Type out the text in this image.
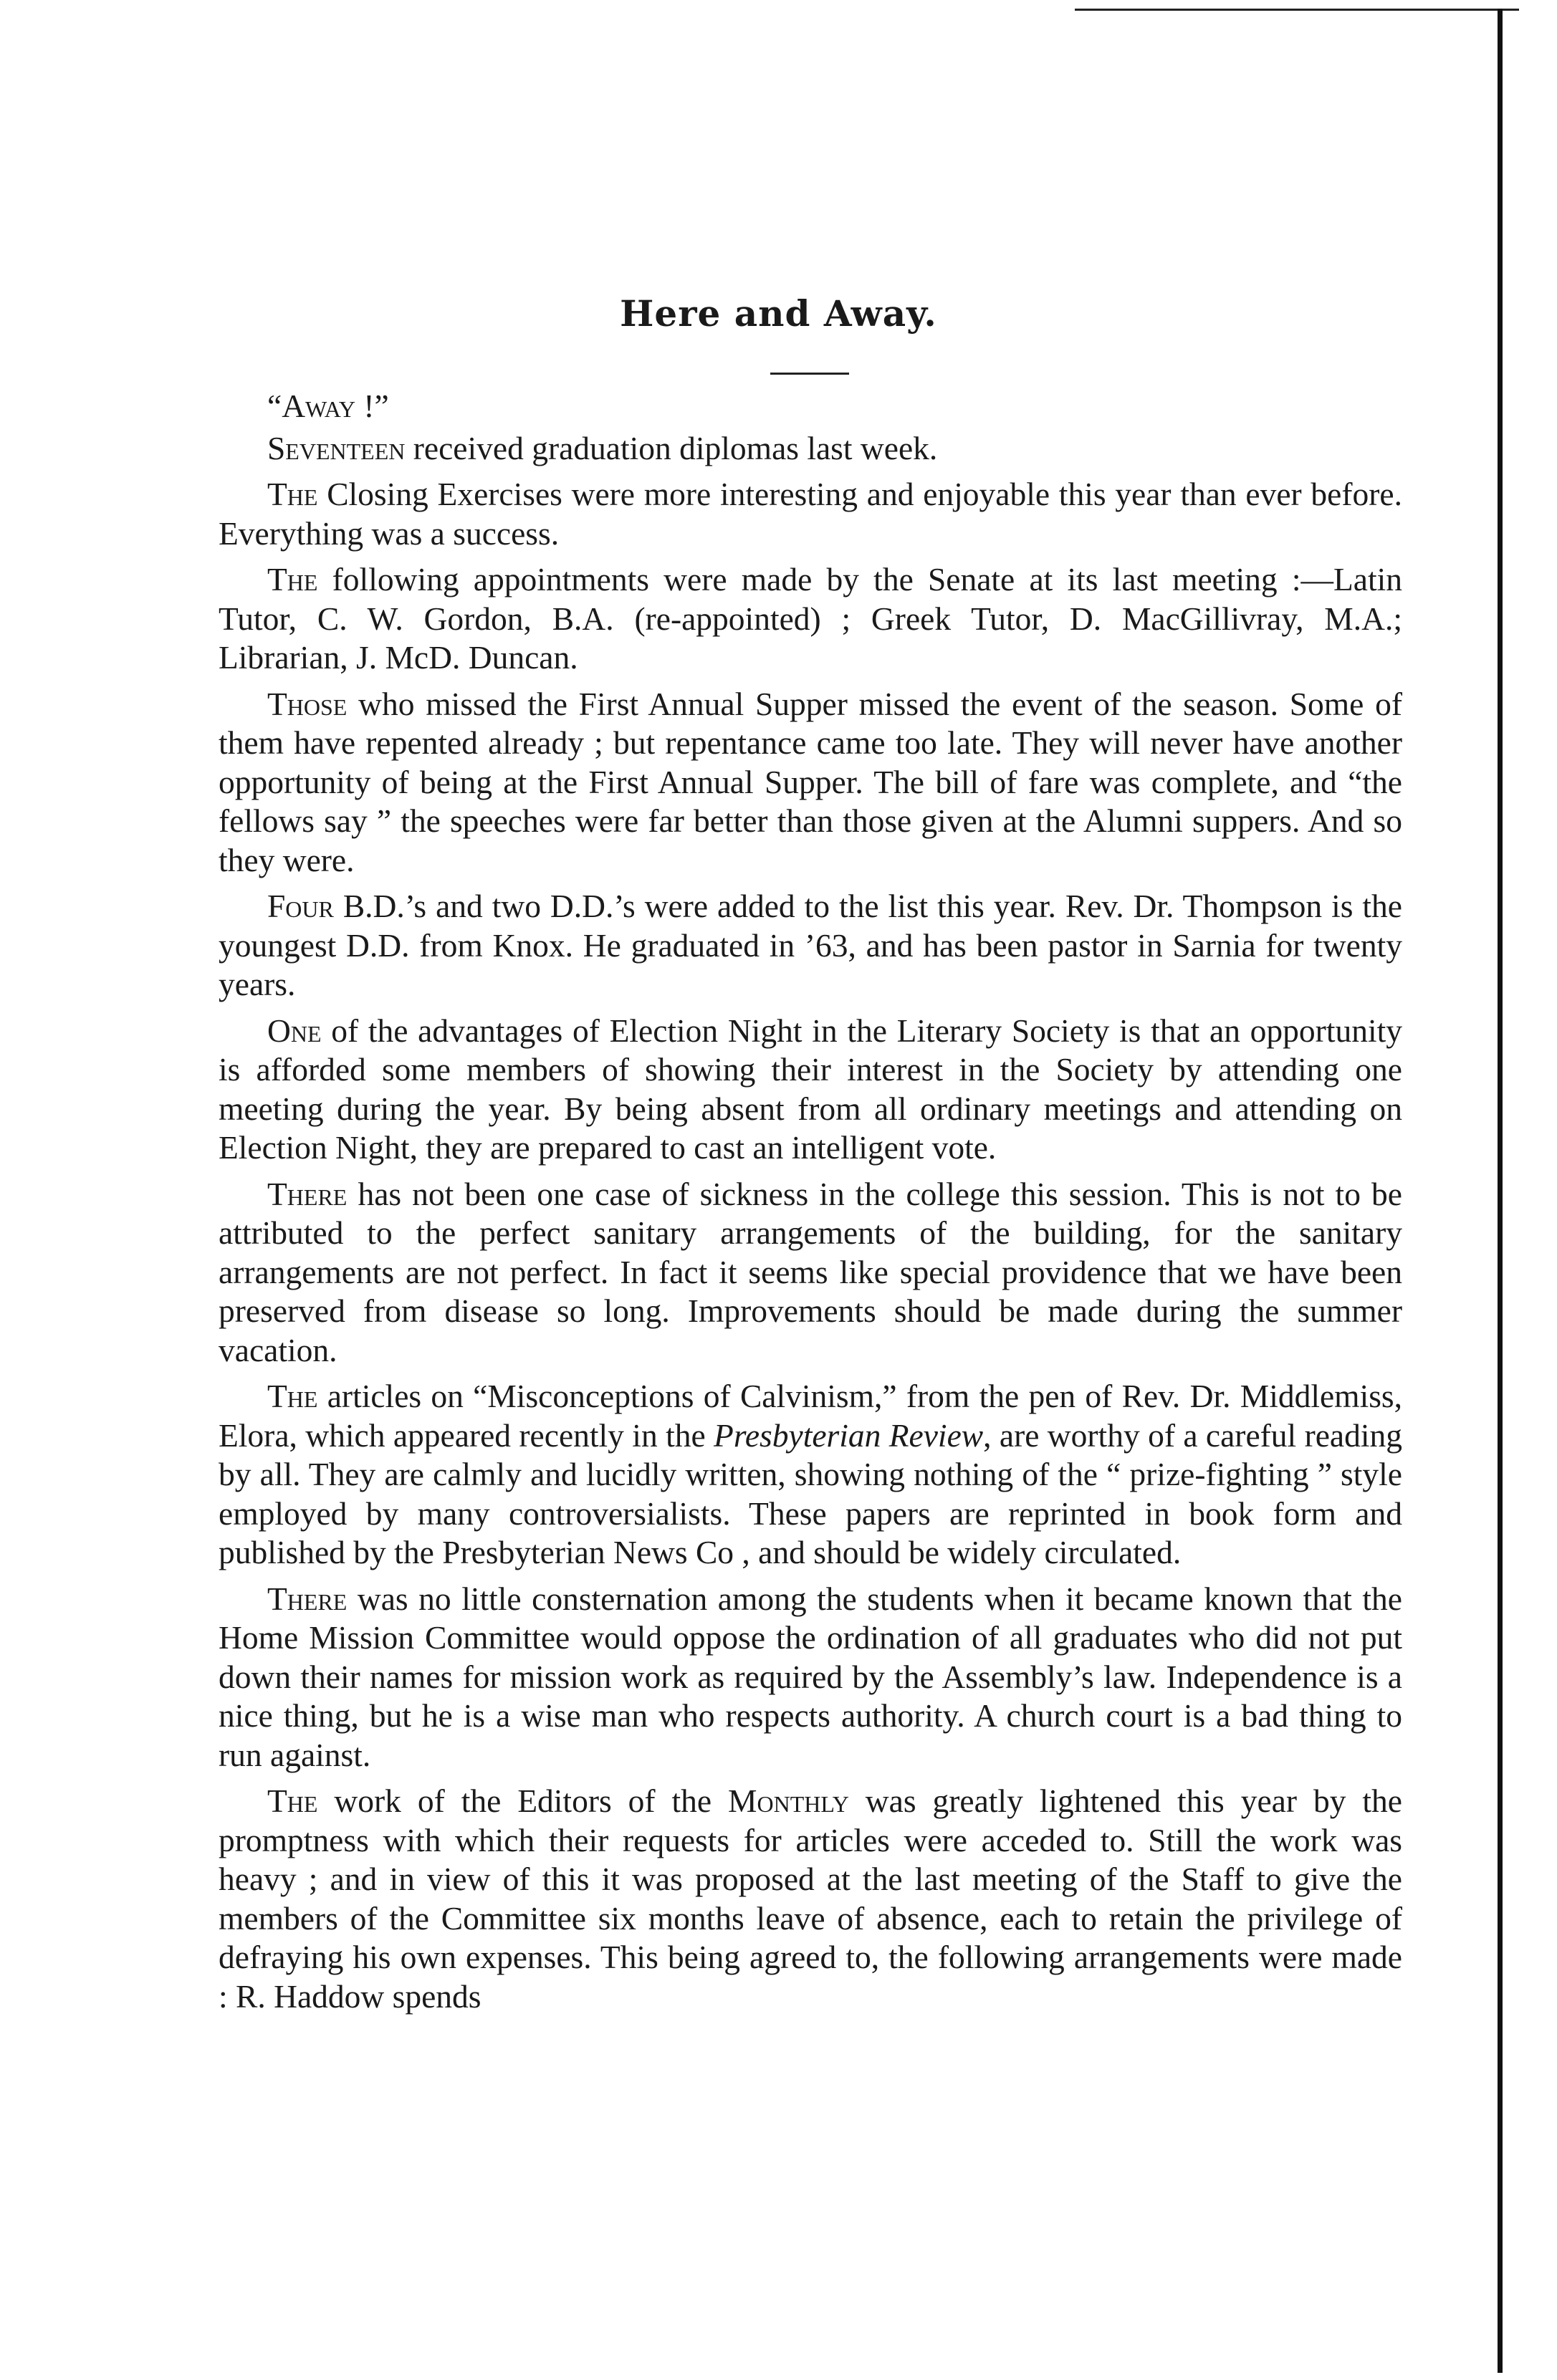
Here and Away.

“Away !”

Seventeen received graduation diplomas last week.

The Closing Exercises were more interesting and enjoyable this year than ever before. Everything was a success.

The following appointments were made by the Senate at its last meeting :—Latin Tutor, C. W. Gordon, B.A. (re-appointed) ; Greek Tutor, D. MacGillivray, M.A.; Librarian, J. McD. Duncan.

Those who missed the First Annual Supper missed the event of the season. Some of them have repented already ; but repentance came too late. They will never have another opportunity of being at the First Annual Supper. The bill of fare was complete, and “the fellows say ” the speeches were far better than those given at the Alumni suppers. And so they were.

Four B.D.’s and two D.D.’s were added to the list this year. Rev. Dr. Thompson is the youngest D.D. from Knox. He graduated in ’63, and has been pastor in Sarnia for twenty years.

One of the advantages of Election Night in the Literary Society is that an opportunity is afforded some members of showing their interest in the Society by attending one meeting during the year. By being absent from all ordinary meetings and attending on Election Night, they are prepared to cast an intelligent vote.

There has not been one case of sickness in the college this session. This is not to be attributed to the perfect sanitary arrangements of the building, for the sanitary arrangements are not perfect. In fact it seems like special providence that we have been preserved from disease so long. Improvements should be made during the summer vacation.

The articles on “Misconceptions of Calvinism,” from the pen of Rev. Dr. Middlemiss, Elora, which appeared recently in the Presbyterian Review, are worthy of a careful reading by all. They are calmly and lucidly written, showing nothing of the “ prize-fighting ” style employed by many controversialists. These papers are reprinted in book form and published by the Presbyterian News Co , and should be widely circulated.

There was no little consternation among the students when it became known that the Home Mission Committee would oppose the ordination of all graduates who did not put down their names for mission work as required by the Assembly’s law. Independence is a nice thing, but he is a wise man who respects authority. A church court is a bad thing to run against.

The work of the Editors of the Monthly was greatly lightened this year by the promptness with which their requests for articles were acceded to. Still the work was heavy ; and in view of this it was proposed at the last meeting of the Staff to give the members of the Committee six months leave of absence, each to retain the privilege of defraying his own expenses. This being agreed to, the following arrangements were made : R. Haddow spends
